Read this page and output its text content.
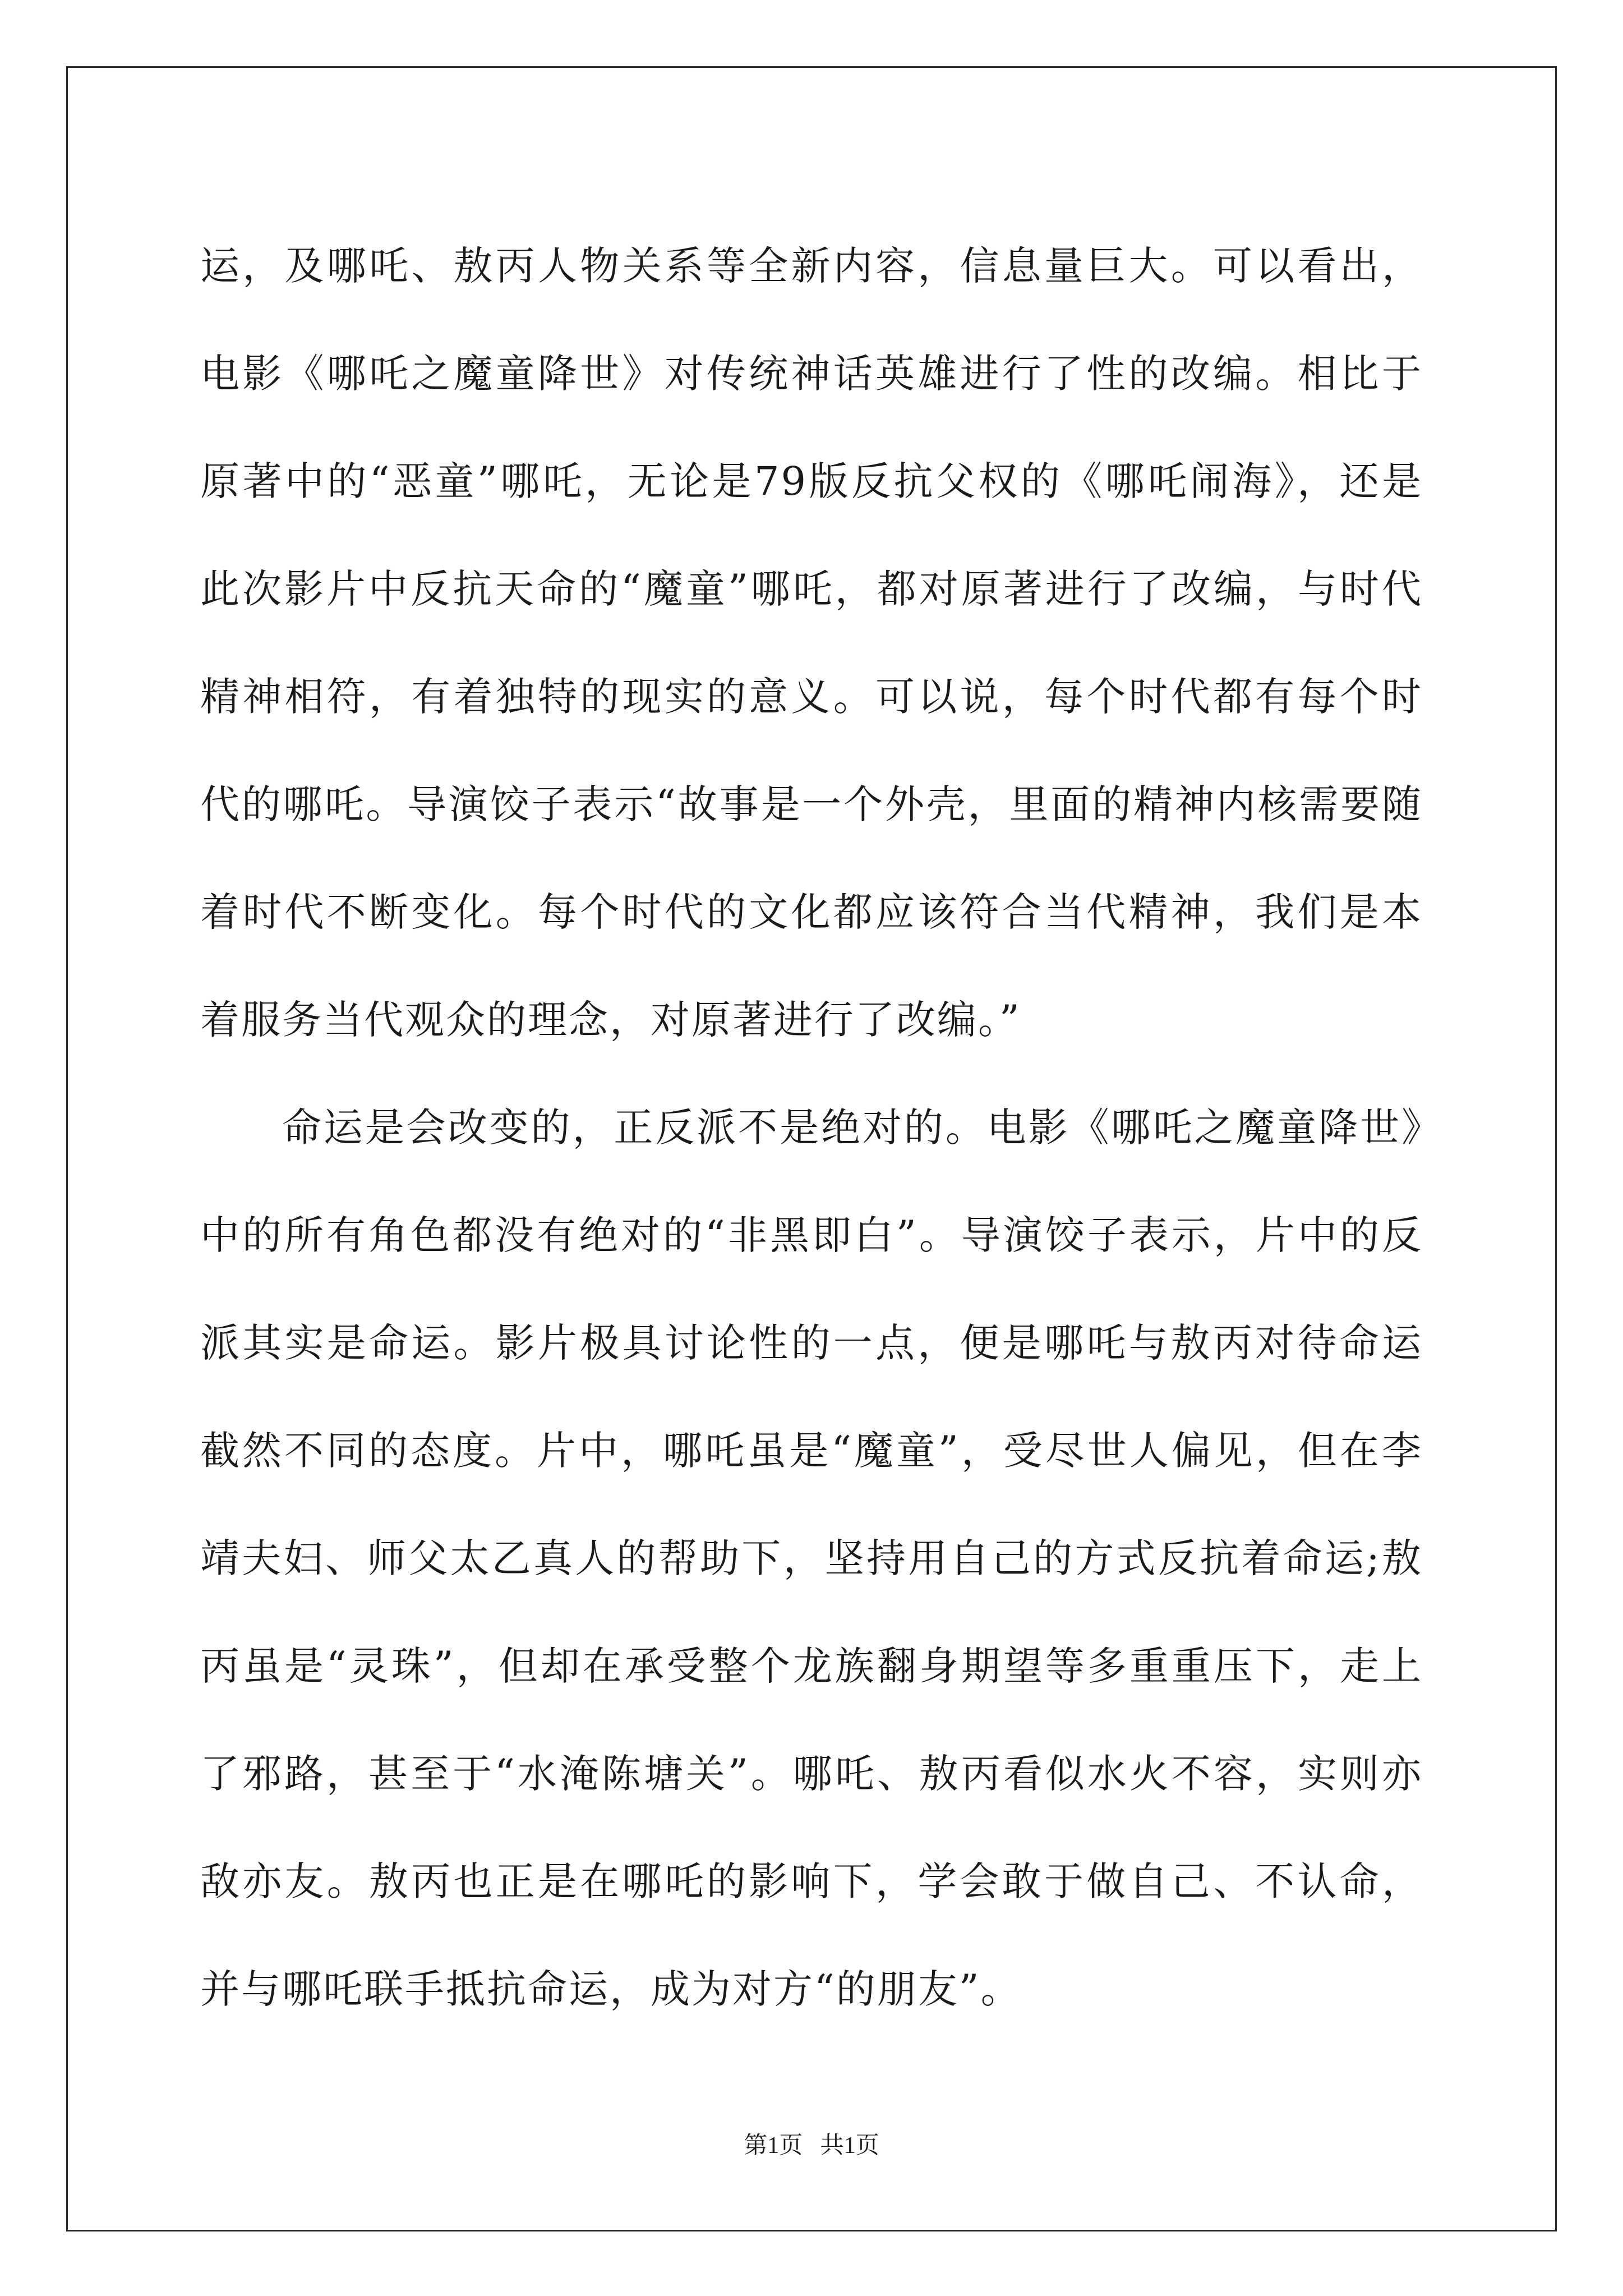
运，及哪吒、敖丙人物关系等全新内容，信息量巨大。可以看出，电影《哪吒之魔童降世》对传统神话英雄进行了性的改编。相比于原著中的“恶童”哪吒，无论是79版反抗父权的《哪吒闹海》，还是此次影片中反抗天命的“魔童”哪吒，都对原著进行了改编，与时代精神相符，有着独特的现实的意义。可以说，每个时代都有每个时代的哪吒。导演饺子表示“故事是一个外壳，里面的精神内核需要随着时代不断变化。每个时代的文化都应该符合当代精神，我们是本着服务当代观众的理念，对原著进行了改编。”

命运是会改变的，正反派不是绝对的。电影《哪吒之魔童降世》中的所有角色都没有绝对的“非黑即白”。导演饺子表示，片中的反派其实是命运。影片极具讨论性的一点，便是哪吒与敖丙对待命运截然不同的态度。片中，哪吒虽是“魔童”，受尽世人偏见，但在李靖夫妇、师父太乙真人的帮助下，坚持用自己的方式反抗着命运;敖丙虽是“灵珠”，但却在承受整个龙族翻身期望等多重重压下，走上了邪路，甚至于“水淹陈塘关”。哪吒、敖丙看似水火不容，实则亦敌亦友。敖丙也正是在哪吒的影响下，学会敢于做自己、不认命，并与哪吒联手抵抗命运，成为对方“的朋友”。

第1页   共1页
